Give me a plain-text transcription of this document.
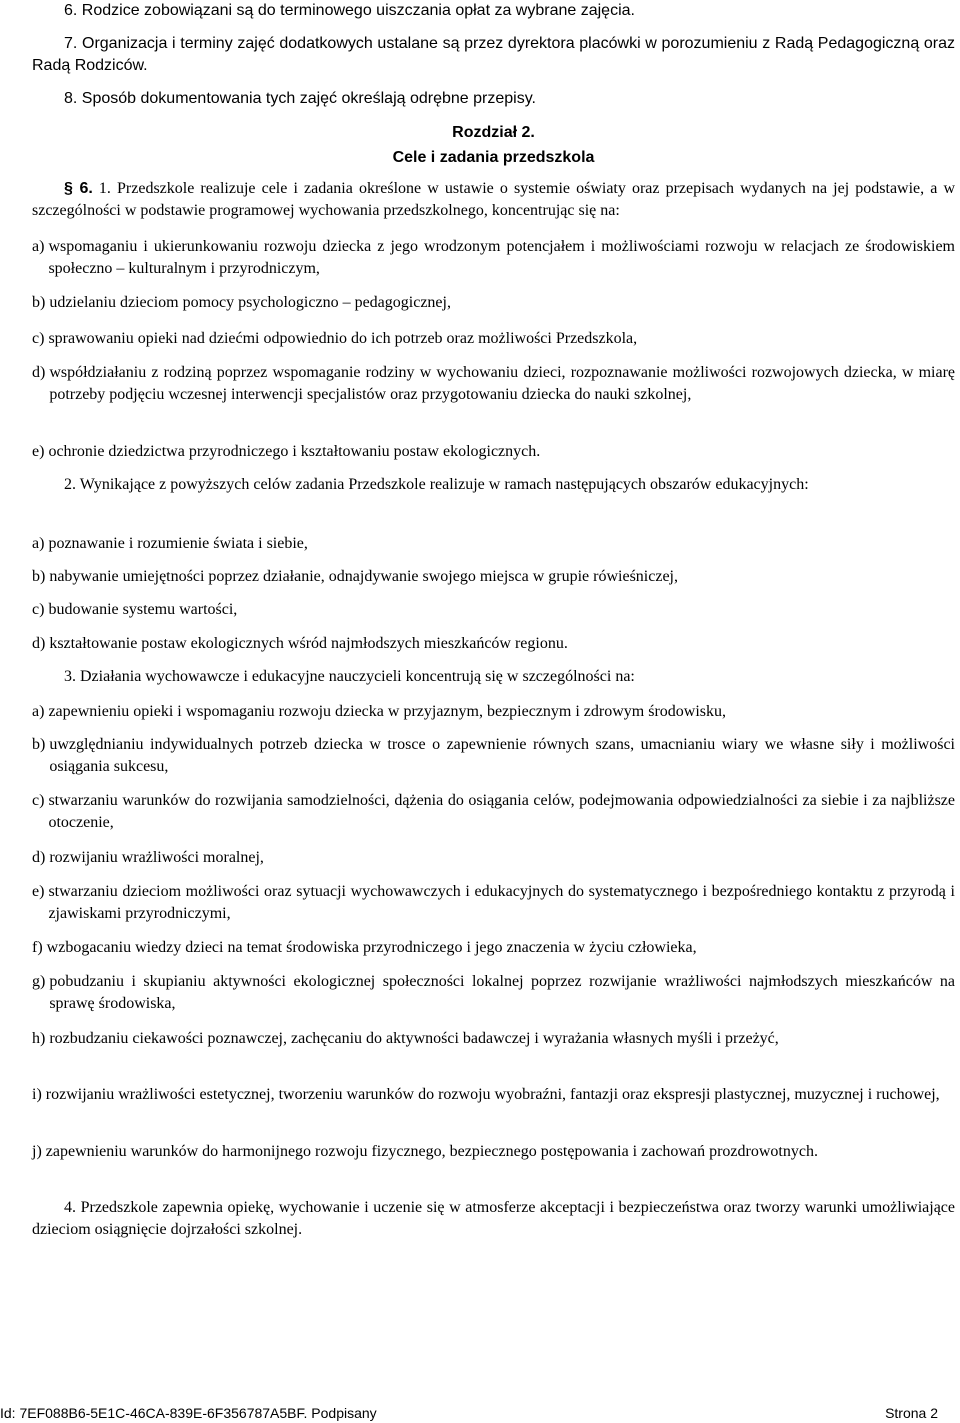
6. Rodzice zobowiązani są do terminowego uiszczania opłat za wybrane zajęcia.
7. Organizacja i terminy zajęć dodatkowych ustalane są przez dyrektora placówki w porozumieniu z Radą Pedagogiczną oraz Radą Rodziców.
8. Sposób dokumentowania tych zajęć określają odrębne przepisy.
Rozdział 2.
Cele i zadania przedszkola
§ 6. 1. Przedszkole realizuje cele i zadania określone w ustawie o systemie oświaty oraz przepisach wydanych na jej podstawie, a w szczególności w podstawie programowej wychowania przedszkolnego, koncentrując się na:
a) wspomaganiu i ukierunkowaniu rozwoju dziecka z jego wrodzonym potencjałem i możliwościami rozwoju w relacjach ze środowiskiem społeczno – kulturalnym i przyrodniczym,
b) udzielaniu dzieciom pomocy psychologiczno – pedagogicznej,
c) sprawowaniu opieki nad dziećmi odpowiednio do ich potrzeb oraz możliwości Przedszkola,
d) współdziałaniu z rodziną poprzez wspomaganie rodziny w wychowaniu dzieci, rozpoznawanie możliwości rozwojowych dziecka, w miarę potrzeby podjęciu wczesnej interwencji specjalistów oraz przygotowaniu dziecka do nauki szkolnej,
e) ochronie dziedzictwa przyrodniczego i kształtowaniu postaw ekologicznych.
2. Wynikające z powyższych celów zadania Przedszkole realizuje w ramach następujących obszarów edukacyjnych:
a) poznawanie i rozumienie świata i siebie,
b) nabywanie umiejętności poprzez działanie, odnajdywanie swojego miejsca w grupie rówieśniczej,
c) budowanie systemu wartości,
d) kształtowanie postaw ekologicznych wśród najmłodszych mieszkańców regionu.
3. Działania wychowawcze i edukacyjne nauczycieli koncentrują się w szczególności na:
a) zapewnieniu opieki i wspomaganiu rozwoju dziecka w przyjaznym, bezpiecznym i zdrowym środowisku,
b) uwzględnianiu indywidualnych potrzeb dziecka w trosce o zapewnienie równych szans, umacnianiu wiary we własne siły i możliwości osiągania sukcesu,
c) stwarzaniu warunków do rozwijania samodzielności, dążenia do osiągania celów, podejmowania odpowiedzialności za siebie i za najbliższe otoczenie,
d) rozwijaniu wrażliwości moralnej,
e) stwarzaniu dzieciom możliwości oraz sytuacji wychowawczych i edukacyjnych do systematycznego i bezpośredniego kontaktu z przyrodą i zjawiskami przyrodniczymi,
f) wzbogacaniu wiedzy dzieci na temat środowiska przyrodniczego i jego znaczenia w życiu człowieka,
g) pobudzaniu i skupianiu aktywności ekologicznej społeczności lokalnej poprzez rozwijanie wrażliwości najmłodszych mieszkańców na sprawę środowiska,
h) rozbudzaniu ciekawości poznawczej, zachęcaniu do aktywności badawczej i wyrażania własnych myśli i przeżyć,
i) rozwijaniu wrażliwości estetycznej, tworzeniu warunków do rozwoju wyobraźni, fantazji oraz ekspresji plastycznej, muzycznej i ruchowej,
j) zapewnieniu warunków do harmonijnego rozwoju fizycznego, bezpiecznego postępowania i zachowań prozdrowotnych.
4. Przedszkole zapewnia opiekę, wychowanie i uczenie się w atmosferze akceptacji i bezpieczeństwa oraz tworzy warunki umożliwiające dzieciom osiągnięcie dojrzałości szkolnej.
Id: 7EF088B6-5E1C-46CA-839E-6F356787A5BF. Podpisany	Strona 2
